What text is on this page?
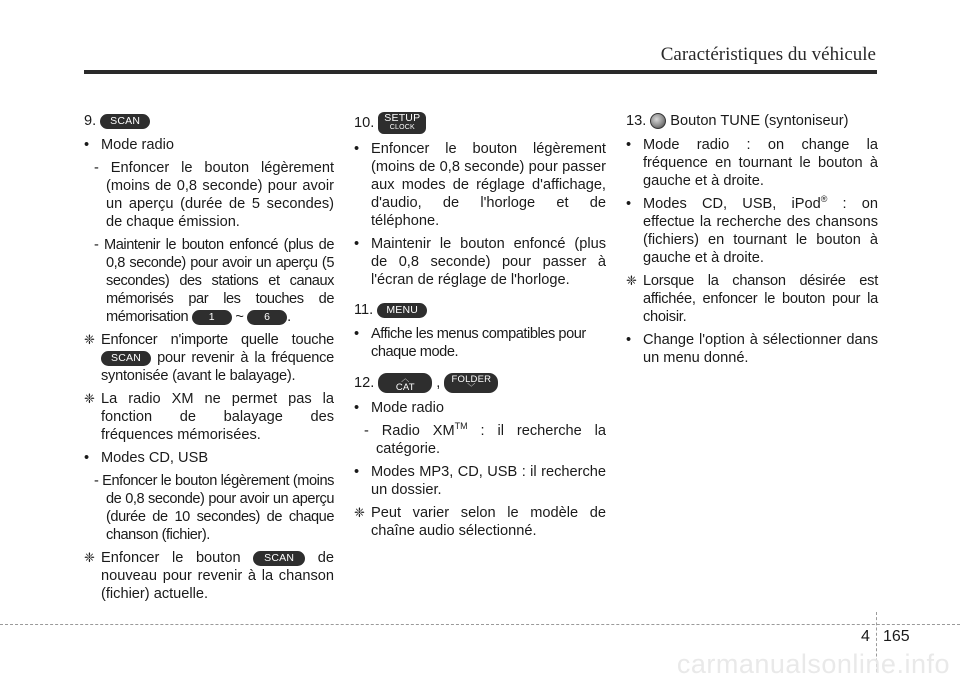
Caractéristiques du véhicule
9.	SCAN

• Mode radio

- Enfoncer le bouton légèrement (moins de 0,8 seconde) pour avoir un aperçu (durée de 5 secondes) de chaque émission.

- Maintenir le bouton enfoncé (plus de 0,8 seconde) pour avoir un aperçu (5 secondes) des stations et canaux mémorisés par les touches de mémorisation 1 ~ 6 .

❈ Enfoncer n'importe quelle touche SCAN pour revenir à la fréquence syntonisée (avant le balayage).

❈ La radio XM ne permet pas la fonction de balayage des fréquences mémorisées.

• Modes CD, USB

- Enfoncer le bouton légèrement (moins de 0,8 seconde) pour avoir un aperçu (durée de 10 secondes) de chaque chanson (fichier).

❈ Enfoncer le bouton SCAN de nouveau pour revenir à la chanson (fichier) actuelle.

10. SETUP
CLOCK

• Enfoncer le bouton légèrement (moins de 0,8 seconde) pour passer aux modes de réglage d'affichage, d'audio, de l'horloge et de téléphone.

• Maintenir le bouton enfoncé (plus de 0,8 seconde) pour passer à l'écran de réglage de l'horloge.

11.	MENU

• Affiche les menus compatibles pour chaque mode.

12.	︿
CAT	,	FOLDER
﹀

• Mode radio

- Radio XM™ : il recherche la catégorie.

• Modes MP3, CD, USB : il recherche un dossier.

❈ Peut varier selon le modèle de chaîne audio sélectionné.

13. Bouton TUNE (syntoniseur)

• Mode radio : on change la fréquence en tournant le bouton à gauche et à droite.

• Modes CD, USB, iPod® : on effectue la recherche des chansons (fichiers) en tournant le bouton à gauche et à droite.

❈ Lorsque la chanson désirée est affichée, enfoncer le bouton pour la choisir.

• Change l'option à sélectionner dans un menu donné.

4 165
carmanualsonline.info
